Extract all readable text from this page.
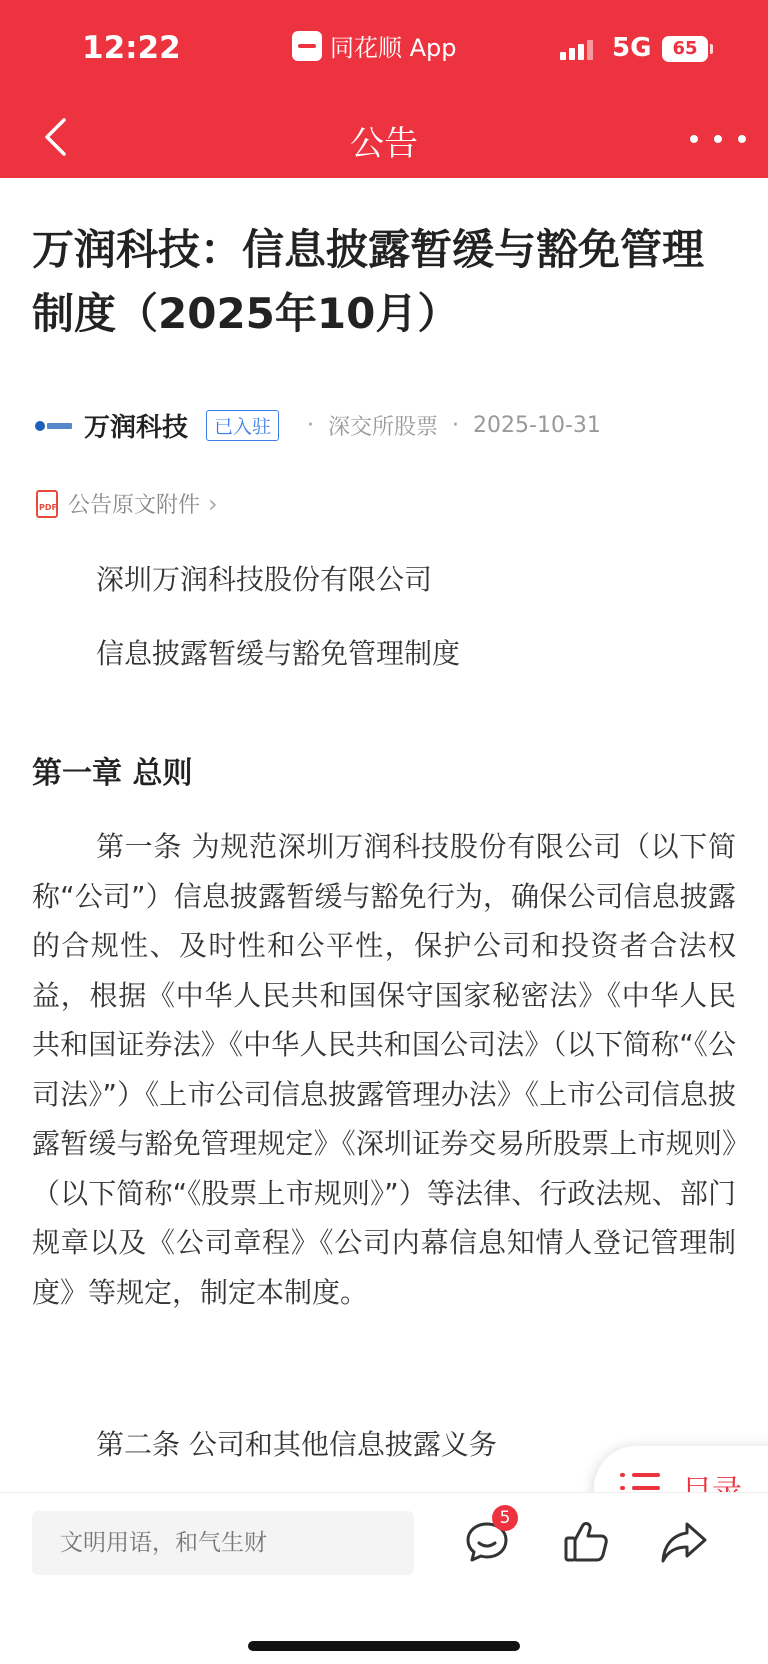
12:22	同花顺 App	5G	65
公告
万润科技：信息披露暂缓与豁免管理制度（2025年10月）
万润科技	已入驻	· 深交所股票 · 2025-10-31
PDF 公告原文附件 ›

深圳万润科技股份有限公司

信息披露暂缓与豁免管理制度

第一章 总则

第一条 为规范深圳万润科技股份有限公司（以下简称“公司”）信息披露暂缓与豁免行为，确保公司信息披露的合规性、及时性和公平性，保护公司和投资者合法权益，根据《中华人民共和国保守国家秘密法》《中华人民共和国证券法》《中华人民共和国公司法》（以下简称“《公司法》”）《上市公司信息披露管理办法》《上市公司信息披露暂缓与豁免管理规定》《深圳证券交易所股票上市规则》（以下简称“《股票上市规则》”）等法律、行政法规、部门规章以及《公司章程》《公司内幕信息知情人登记管理制度》等规定，制定本制度。

第二条 公司和其他信息披露义务

文明用语，和气生财
5
